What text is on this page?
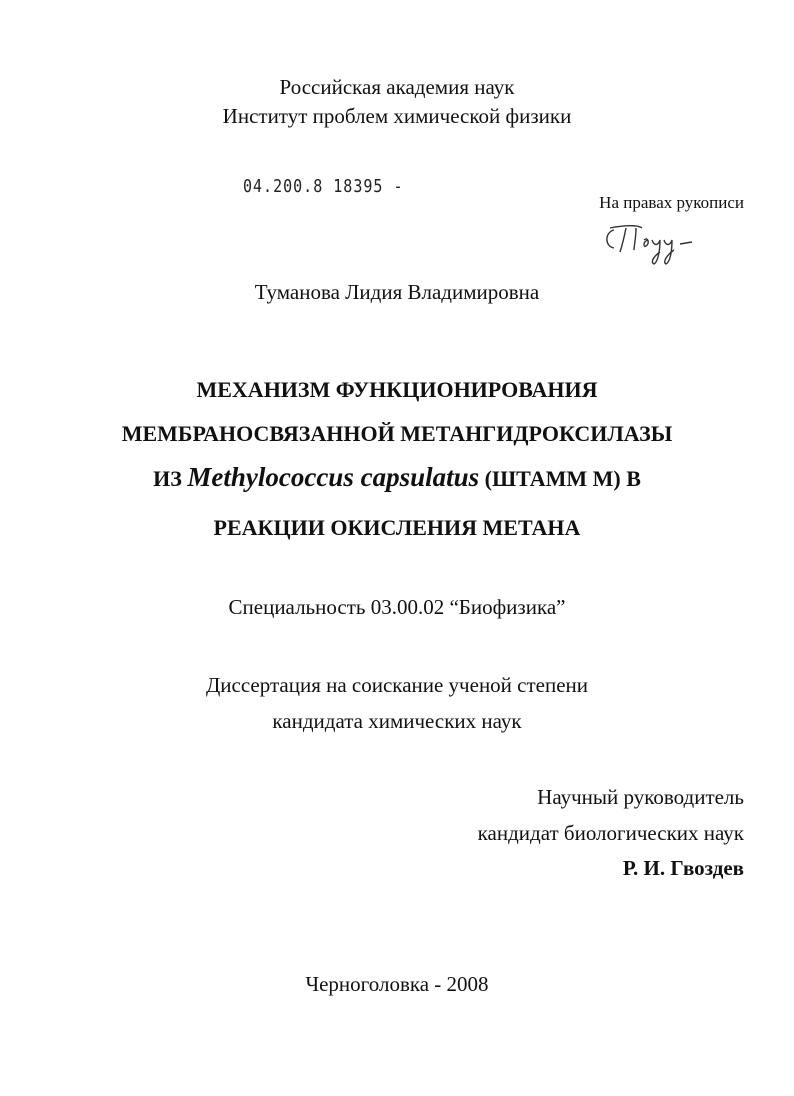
Российская академия наук
Институт проблем химической физики
04.200.8 18395 -
На правах рукописи
Туманова Лидия Владимировна
МЕХАНИЗМ ФУНКЦИОНИРОВАНИЯ
МЕМБРАНОСВЯЗАННОЙ МЕТАНГИДРОКСИЛАЗЫ
ИЗ Methylococcus capsulatus (ШТАММ М) В
РЕАКЦИИ ОКИСЛЕНИЯ МЕТАНА
Специальность 03.00.02 “Биофизика”
Диссертация на соискание ученой степени
кандидата химических наук
Научный руководитель
кандидат биологических наук
Р. И. Гвоздев
Черноголовка - 2008
